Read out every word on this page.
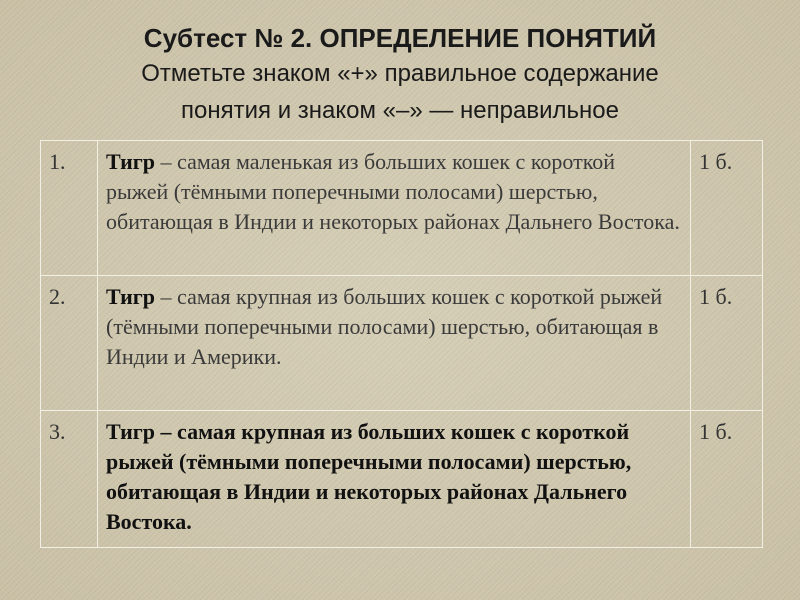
Субтест № 2. ОПРЕДЕЛЕНИЕ ПОНЯТИЙ

Отметьте знаком «+» правильное содержание

понятия и знаком «–» — неправильное

1.	Тигр – самая маленькая из больших кошек с короткой рыжей (тёмными поперечными полосами) шерстью, обитающая в Индии и некоторых районах Дальнего Востока.	1 б.
2.	Тигр – самая крупная из больших кошек с короткой рыжей (тёмными поперечными полосами) шерстью, обитающая в Индии и Америки.	1 б.
3.	Тигр – самая крупная из больших кошек с короткой рыжей (тёмными поперечными полосами) шерстью, обитающая в Индии и некоторых районах Дальнего Востока.	1 б.
